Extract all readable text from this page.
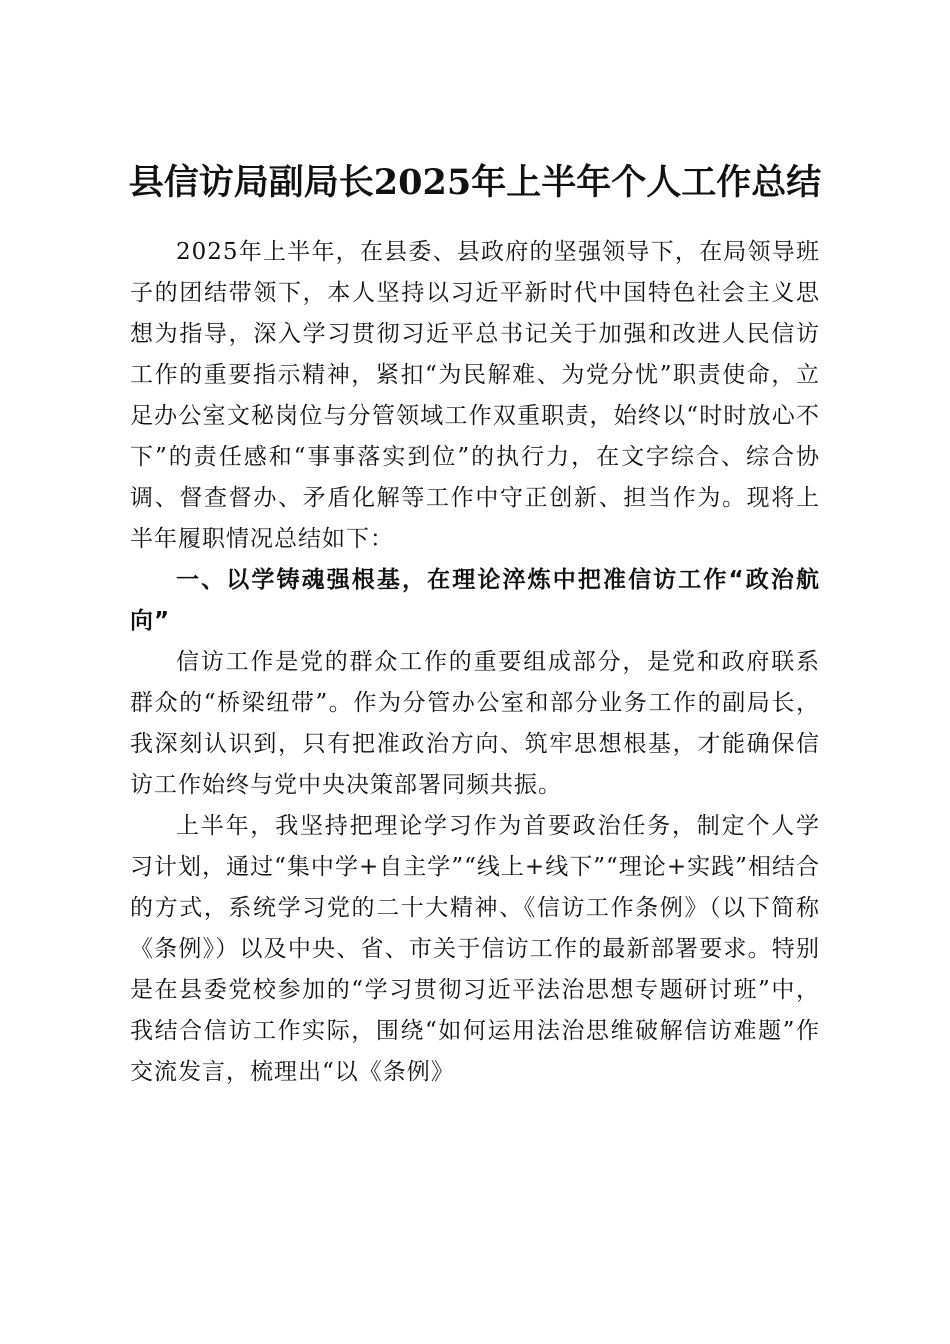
县信访局副局长2025年上半年个人工作总结

2025年上半年，在县委、县政府的坚强领导下，在局领导班子的团结带领下，本人坚持以习近平新时代中国特色社会主义思想为指导，深入学习贯彻习近平总书记关于加强和改进人民信访工作的重要指示精神，紧扣“为民解难、为党分忧”职责使命，立足办公室文秘岗位与分管领域工作双重职责，始终以“时时放心不下”的责任感和“事事落实到位”的执行力，在文字综合、综合协调、督查督办、矛盾化解等工作中守正创新、担当作为。现将上半年履职情况总结如下：

一、以学铸魂强根基，在理论淬炼中把准信访工作“政治航向”

信访工作是党的群众工作的重要组成部分，是党和政府联系群众的“桥梁纽带”。作为分管办公室和部分业务工作的副局长，我深刻认识到，只有把准政治方向、筑牢思想根基，才能确保信访工作始终与党中央决策部署同频共振。

上半年，我坚持把理论学习作为首要政治任务，制定个人学习计划，通过“集中学+自主学”“线上+线下”“理论+实践”相结合的方式，系统学习党的二十大精神、《信访工作条例》（以下简称《条例》）以及中央、省、市关于信访工作的最新部署要求。特别是在县委党校参加的“学习贯彻习近平法治思想专题研讨班”中，我结合信访工作实际，围绕“如何运用法治思维破解信访难题”作交流发言，梳理出“以《条例》
